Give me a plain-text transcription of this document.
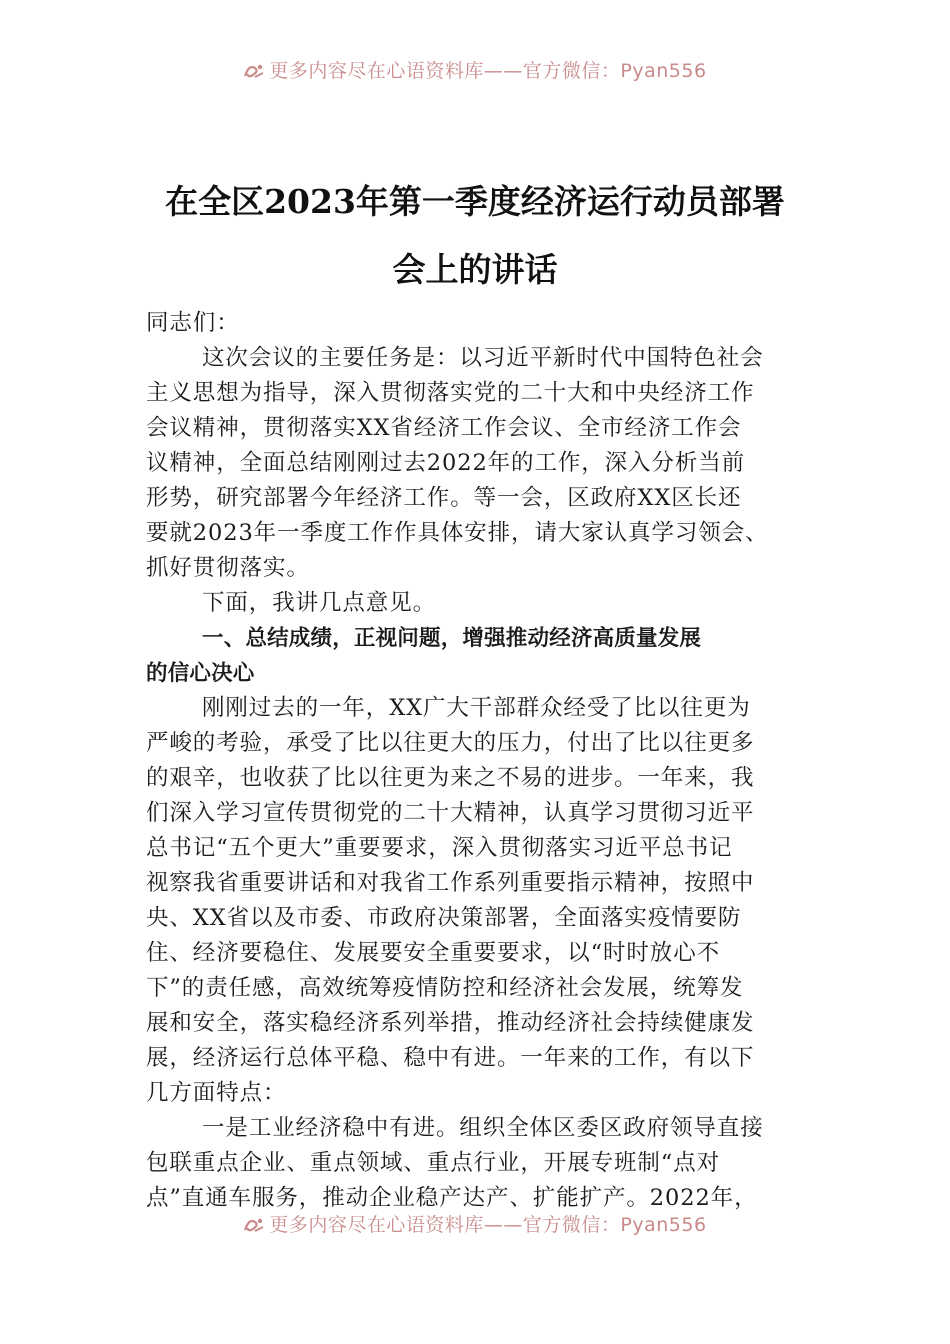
更多内容尽在心语资料库——官方微信：Pyan556
在全区2023年第一季度经济运行动员部署
会上的讲话
同志们：
这次会议的主要任务是：以习近平新时代中国特色社会
主义思想为指导，深入贯彻落实党的二十大和中央经济工作
会议精神，贯彻落实XX省经济工作会议、全市经济工作会
议精神，全面总结刚刚过去2022年的工作，深入分析当前
形势，研究部署今年经济工作。等一会，区政府XX区长还
要就2023年一季度工作作具体安排，请大家认真学习领会、
抓好贯彻落实。
下面，我讲几点意见。
一、总结成绩，正视问题，增强推动经济高质量发展
的信心决心
刚刚过去的一年，XX广大干部群众经受了比以往更为
严峻的考验，承受了比以往更大的压力，付出了比以往更多
的艰辛，也收获了比以往更为来之不易的进步。一年来，我
们深入学习宣传贯彻党的二十大精神，认真学习贯彻习近平
总书记“五个更大”重要要求，深入贯彻落实习近平总书记
视察我省重要讲话和对我省工作系列重要指示精神，按照中
央、XX省以及市委、市政府决策部署，全面落实疫情要防
住、经济要稳住、发展要安全重要要求，以“时时放心不
下”的责任感，高效统筹疫情防控和经济社会发展，统筹发
展和安全，落实稳经济系列举措，推动经济社会持续健康发
展，经济运行总体平稳、稳中有进。一年来的工作，有以下
几方面特点：
一是工业经济稳中有进。组织全体区委区政府领导直接
包联重点企业、重点领域、重点行业，开展专班制“点对
点”直通车服务，推动企业稳产达产、扩能扩产。2022年，
更多内容尽在心语资料库——官方微信：Pyan556
